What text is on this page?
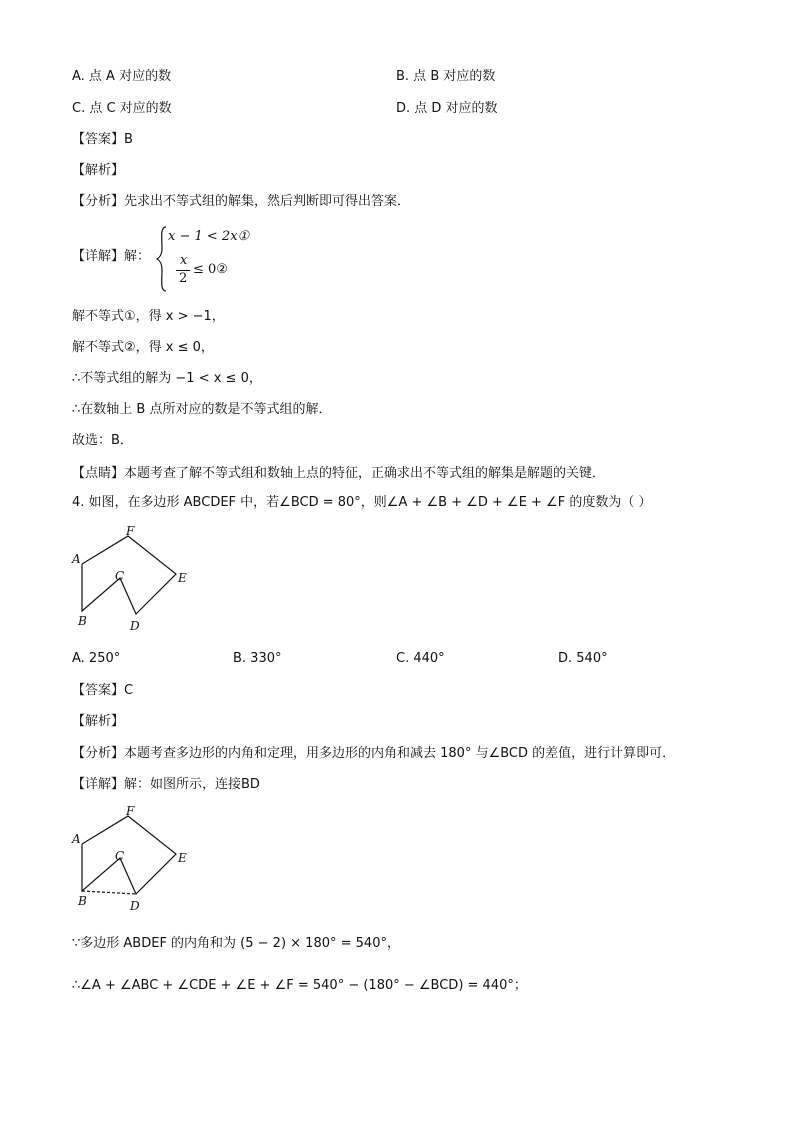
A. 点 A 对应的数	B. 点 B 对应的数
C. 点 C 对应的数	D. 点 D 对应的数
【答案】B
【解析】
【分析】先求出不等式组的解集，然后判断即可得出答案．
【详解】解：
x − 1 < 2x①
x
2
≤ 0②
解不等式①，得 x > −1，
解不等式②，得 x ≤ 0，
∴不等式组的解为 −1 < x ≤ 0，
∴在数轴上 B 点所对应的数是不等式组的解．
故选：B．
【点睛】本题考查了解不等式组和数轴上点的特征，正确求出不等式组的解集是解题的关键．
4. 如图，在多边形 ABCDEF 中，若∠BCD = 80°，则∠A + ∠B + ∠D + ∠E + ∠F 的度数为（ ）
A
F
E
C
B	D
A. 250°	B. 330°	C. 440°	D. 540°
【答案】C
【解析】
【分析】本题考查多边形的内角和定理，用多边形的内角和减去 180° 与∠BCD 的差值，进行计算即可．
【详解】解：如图所示，连接BD
A
F
E
C
B	D
∵多边形 ABDEF 的内角和为 (5 − 2) × 180° = 540°，
∴∠A + ∠ABC + ∠CDE + ∠E + ∠F = 540° − (180° − ∠BCD) = 440°；
